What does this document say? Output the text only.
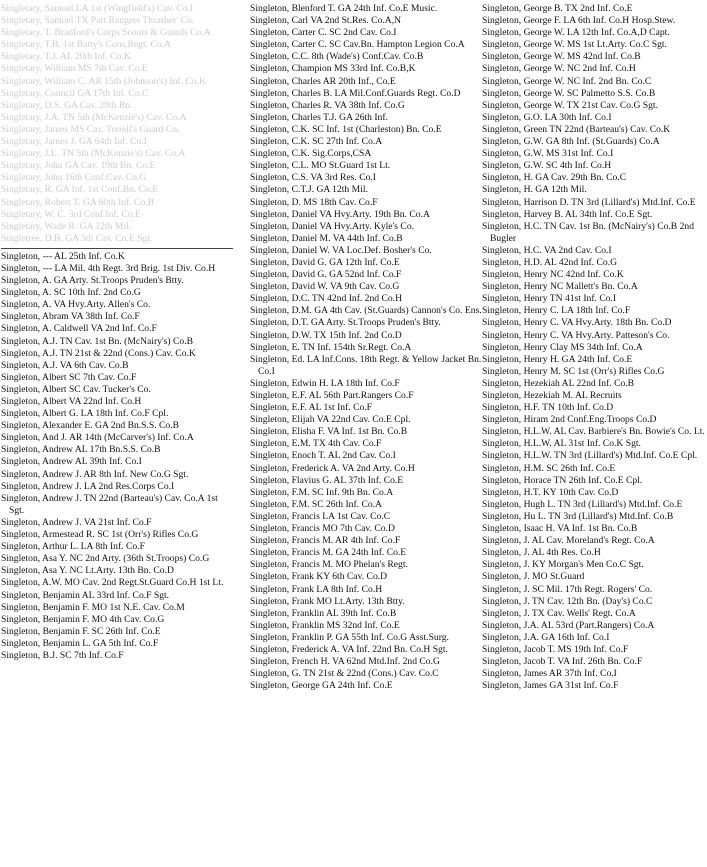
Singletary, Samuel LA 1st (Wingfield's) Cav. Co.I
Singletary, Samuel TX Part.Rangers Thrasher' Co.
Singletary, T. Bradford's Corps Scouts & Guards Co.A
Singletary, T.B. 1st Batty's Cons.Regt. Co.A
Singletary, T.J. AL 20th Inf. Co.K
Singletary, William MS 7th Cav. Co.E
Singletary, William C. AR 15th (Johnson's) Inf. Co.K
Singletary, Council GA 17th Inf. Co.C
Singletary, D.S. GA Cav. 29th Bn.
Singletary, J.A. TN 5th (McKenzie's) Cav. Co.A
Singletary, James MS Cav. Terrell's Guard Co.
Singletary, James J. GA 64th Inf. Co.I
Singletary, J.L. TN 5th (McKenzie's) Cav. Co.A
Singletary, John GA Cav. 19th Bn. Co.E
Singletary, John 16th Conf.Cav. Co.G
Singletary, R. GA Inf. 1st Conf.Bn. Co.E
Singletary, Robert T. GA 60th Inf. Co.B
Singletary, W. C. 3rd Conf.Inf. Co.E
Singletary, Wade R. GA 12th Mil.
Singletree, D.B. GA 5th Cav. Co.E Sgt.
Singleton, --- AL 25th Inf. Co.K
Singleton, --- LA Mil. 4th Regt. 3rd Brig. 1st Div. Co.H
Singleton, A. GA Arty. St.Troops Pruden's Btty.
Singleton, A. SC 10th Inf. 2nd Co.G
Singleton, A. VA Hvy.Arty. Allen's Co.
Singleton, Abram VA 38th Inf. Co.F
Singleton, A. Caldwell VA 2nd Inf. Co.F
Singleton, A.J. TN Cav. 1st Bn. (McNairy's) Co.B
Singleton, A.J. TN 21st & 22nd (Cons.) Cav. Co.K
Singleton, A.J. VA 6th Cav. Co.B
Singleton, Albert SC 7th Cav. Co.F
Singleton, Albert SC Cav. Tucker's Co.
Singleton, Albert VA 22nd Inf. Co.H
Singleton, Albert G. LA 18th Inf. Co.F Cpl.
Singleton, Alexander E. GA 2nd Bn.S.S. Co.B
Singleton, And J. AR 14th (McCarver's) Inf. Co.A
Singleton, Andrew AL 17th Bn.S.S. Co.B
Singleton, Andrew AL 39th Inf. Co.I
Singleton, Andrew J. AR 8th Inf. New Co.G Sgt.
Singleton, Andrew J. LA 2nd Res.Corps Co.I
Singleton, Andrew J. TN 22nd (Barteau's) Cav. Co.A 1st Sgt.
Singleton, Andrew J. VA 21st Inf. Co.F
Singleton, Armestead R. SC 1st (Orr's) Rifles Co.G
Singleton, Arthur L. LA 8th Inf. Co.F
Singleton, Asa Y. NC 2nd Arty. (36th St.Troops) Co.G
Singleton, Asa Y. NC Lt.Arty. 13th Bn. Co.D
Singleton, A.W. MO Cav. 2nd Regt.St.Guard Co.H 1st Lt.
Singleton, Benjamin AL 33rd Inf. Co.F Sgt.
Singleton, Benjamin F. MO 1st N.E. Cav. Co.M
Singleton, Benjamin F. MO 4th Cav. Co.G
Singleton, Benjamin F. SC 26th Inf. Co.E
Singleton, Benjamin L. GA 5th Inf. Co.F
Singleton, B.J. SC 7th Inf. Co.F
Singleton, Blenford T. GA 24th Inf. Co.E Music.
Singleton, Carl VA 2nd St.Res. Co.A,N
Singleton, Carter C. SC 2nd Cav. Co.I
Singleton, Carter C. SC Cav.Bn. Hampton Legion Co.A
Singleton, C.C. 8th (Wade's) Conf.Cav. Co.B
Singleton, Champion MS 33rd Inf. Co.B,K
Singleton, Charles AR 20th Inf., Co.E
Singleton, Charles B. LA Mil.Conf.Guards Regt. Co.D
Singleton, Charles R. VA 38th Inf. Co.G
Singleton, Charles T.J. GA 26th Inf.
Singleton, C.K. SC Inf. 1st (Charleston) Bn. Co.E
Singleton, C.K. SC 27th Inf. Co.A
Singleton, C.K. Sig.Corps,CSA
Singleton, C.L. MO St.Guard 1st Lt.
Singleton, C.S. VA 3rd Res. Co.I
Singleton, C.T.J. GA 12th Mil.
Singleton, D. MS 18th Cav. Co.F
Singleton, Daniel VA Hvy.Arty. 19th Bn. Co.A
Singleton, Daniel VA Hvy.Arty. Kyle's Co.
Singleton, Daniel M. VA 44th Inf. Co.B
Singleton, Daniel W. VA Loc.Def. Bosher's Co.
Singleton, David G. GA 12th Inf. Co.E
Singleton, David G. GA 52nd Inf. Co.F
Singleton, David W. VA 9th Cav. Co.G
Singleton, D.C. TN 42nd Inf. 2nd Co.H
Singleton, D.M. GA 4th Cav. (St.Guards) Cannon's Co. Ens.
Singleton, D.T. GA Arty. St.Troops Pruden's Btty.
Singleton, D.W. TX 15th Inf. 2nd Co.D
Singleton, E. TN Inf. 154th Sr.Regt. Co.A
Singleton, Ed. LA Inf.Cons. 18th Regt. & Yellow Jacket Bn. Co.I
Singleton, Edwin H. LA 18th Inf. Co.F
Singleton, E.F. AL 56th Part.Rangers Co.F
Singleton, E.F. AL 1st Inf. Co.F
Singleton, Elijah VA 22nd Cav. Co.E Cpl.
Singleton, Elisha F. VA Inf. 1st Bn. Co.B
Singleton, E.M. TX 4th Cav. Co.F
Singleton, Enoch T. AL 2nd Cav. Co.I
Singleton, Frederick A. VA 2nd Arty. Co.H
Singleton, Flavius G. AL 37th Inf. Co.E
Singleton, F.M. SC Inf. 9th Bn. Co.A
Singleton, F.M. SC 26th Inf. Co.A
Singleton, Francis LA 1st Cav. Co.C
Singleton, Francis MO 7th Cav. Co.D
Singleton, Francis M. AR 4th Inf. Co.F
Singleton, Francis M. GA 24th Inf. Co.E
Singleton, Francis M. MO Phelan's Regt.
Singleton, Frank KY 6th Cav. Co.D
Singleton, Frank LA 8th Inf. Co.H
Singleton, Frank MO Lt.Arty. 13th Btty.
Singleton, Franklin AL 39th Inf. Co.B
Singleton, Franklin MS 32nd Inf. Co.E
Singleton, Franklin P. GA 55th Inf. Co.G Asst.Surg.
Singleton, Frederick A. VA Inf. 22nd Bn. Co.H Sgt.
Singleton, French H. VA 62nd Mtd.Inf. 2nd Co.G
Singleton, G. TN 21st & 22nd (Cons.) Cav. Co.C
Singleton, George GA 24th Inf. Co.E
Singleton, George B. TX 2nd Inf. Co.E
Singleton, George F. LA 6th Inf. Co.H Hosp.Stew.
Singleton, George W. LA 12th Inf. Co.A,D Capt.
Singleton, George W. MS 1st Lt.Arty. Co.C Sgt.
Singleton, George W. MS 42nd Inf. Co.B
Singleton, George W. NC 2nd Inf. Co.H
Singleton, George W. NC Inf. 2nd Bn. Co.C
Singleton, George W. SC Palmetto S.S. Co.B
Singleton, George W. TX 21st Cav. Co.G Sgt.
Singleton, G.O. LA 30th Inf. Co.I
Singleton, Green TN 22nd (Barteau's) Cav. Co.K
Singleton, G.W. GA 8th Inf. (St.Guards) Co.A
Singleton, G.W. MS 31st Inf. Co.I
Singleton, G.W. SC 4th Inf. Co.H
Singleton, H. GA Cav. 29th Bn. Co.C
Singleton, H. GA 12th Mil.
Singleton, Harrison D. TN 3rd (Lillard's) Mtd.Inf. Co.E
Singleton, Harvey B. AL 34th Inf. Co.E Sgt.
Singleton, H.C. TN Cav. 1st Bn. (McNairy's) Co.B 2nd Bugler
Singleton, H.C. VA 2nd Cav. Co.I
Singleton, H.D. AL 42nd Inf. Co.G
Singleton, Henry NC 42nd Inf. Co.K
Singleton, Henry NC Mallett's Bn. Co.A
Singleton, Henry TN 41st Inf. Co.I
Singleton, Henry C. LA 18th Inf. Co.F
Singleton, Henry C. VA Hvy.Arty. 18th Bn. Co.D
Singleton, Henry C. VA Hvy.Arty. Patteson's Co.
Singleton, Henry Clay MS 34th Inf. Co.A
Singleton, Henry H. GA 24th Inf. Co.E
Singleton, Henry M. SC 1st (Orr's) Rifles Co.G
Singleton, Hezekiah AL 22nd Inf. Co.B
Singleton, Hezekiah M. AL Recruits
Singleton, H.F. TN 10th Inf. Co.D
Singleton, Hiram 2nd Conf.Eng.Troops Co.D
Singleton, H.L.W. AL Cav. Barbiere's Bn. Bowie's Co. Lt.
Singleton, H.L.W. AL 31st Inf. Co.K Sgt.
Singleton, H.L.W. TN 3rd (Lillard's) Mtd.Inf. Co.E Cpl.
Singleton, H.M. SC 26th Inf. Co.E
Singleton, Horace TN 26th Inf. Co.E Cpl.
Singleton, H.T. KY 10th Cav. Co.D
Singleton, Hugh L. TN 3rd (Lillard's) Mtd.Inf. Co.E
Singleton, Hu L. TN 3rd (Lillard's) Mtd.Inf. Co.B
Singleton, Isaac H. VA Inf. 1st Bn. Co.B
Singleton, J. AL Cav. Moreland's Regt. Co.A
Singleton, J. AL 4th Res. Co.H
Singleton, J. KY Morgan's Men Co.C Sgt.
Singleton, J. MO St.Guard
Singleton, J. SC Mil. 17th Regt. Rogers' Co.
Singleton, J. TN Cav. 12th Bn. (Day's) Co.C
Singleton, J. TX Cav. Wells' Regt. Co.A
Singleton, J.A. AL 53rd (Part.Rangers) Co.A
Singleton, J.A. GA 16th Inf. Co.I
Singleton, Jacob T. MS 19th Inf. Co.F
Singleton, Jacob T. VA Inf. 26th Bn. Co.F
Singleton, James AR 37th Inf. Co.I
Singleton, James GA 31st Inf. Co.F
